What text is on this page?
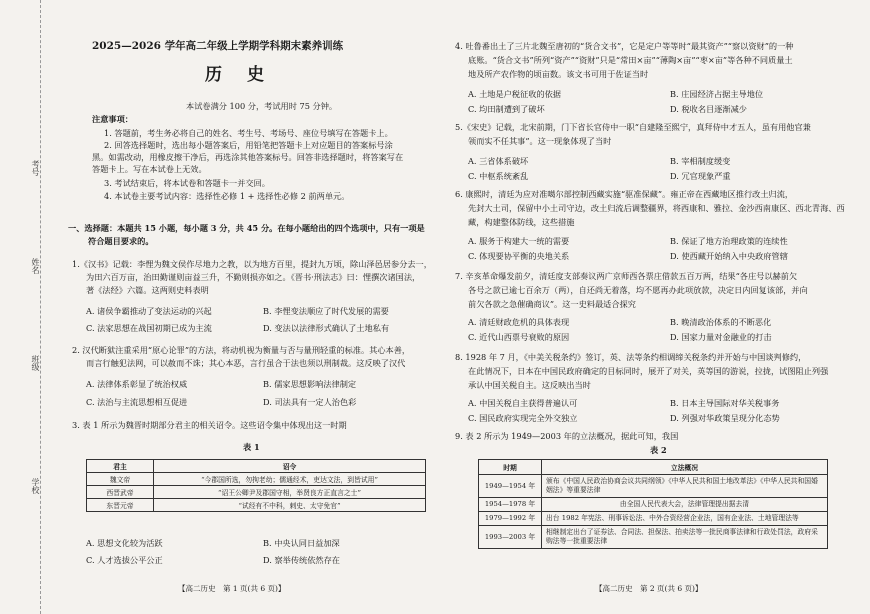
考号
姓名
班级
学校
2025—2026 学年高二年级上学期学科期末素养训练
历　史
本试卷满分 100 分，考试用时 75 分钟。
注意事项：
1. 答题前，考生务必将自己的姓名、考生号、考场号、座位号填写在答题卡上。
2. 回答选择题时，选出每小题答案后，用铅笔把答题卡上对应题目的答案标号涂
黑。如需改动，用橡皮擦干净后，再选涂其他答案标号。回答非选择题时，将答案写在
答题卡上。写在本试卷上无效。
3. 考试结束后，将本试卷和答题卡一并交回。
4. 本试卷主要考试内容：选择性必修 1 + 选择性必修 2 前两单元。
一、选择题：本题共 15 小题，每小题 3 分，共 45 分。在每小题给出的四个选项中，只有一项是
符合题目要求的。
1.《汉书》记载：李悝为魏文侯作尽地力之教，以为地方百里，提封九万顷，除山泽邑居参分去一，
为田六百万亩，治田勤谨则亩益三升，不勤则损亦如之。《晋书·刑法志》曰：悝撰次诸国法，
著《法经》六篇。这两则史料表明
A. 诸侯争霸推动了变法运动的兴起	B. 李悝变法顺应了时代发展的需要
C. 法家思想在战国初期已成为主流	D. 变法以法律形式确认了土地私有
2. 汉代断狱注重采用“原心论罪”的方法，将动机视为衡量与否与量刑轻重的标准。其心本善，
而言行触犯法网，可以赦而不诛；其心本恶，言行虽合于法也须以刑制裁。这反映了汉代
A. 法律体系彰显了统治权威	B. 儒家思想影响法律制定
C. 法治与主流思想相互促进	D. 司法具有一定人治色彩
3. 表 1 所示为魏晋时期部分君主的相关诏令。这些诏令集中体现出这一时期
表 1
君主	诏令
魏文帝	“今郡国所选，勿拘老幼；儒通经术，吏达文法，到皆试用”
西晋武帝	“诏王公卿尹及郡国守相，举贤良方正直言之士”
东晋元帝	“试经有不中科，刺史、太守免官”
A. 思想文化较为活跃	B. 中央认同日益加深
C. 人才选拔公平公正	D. 察举传统依然存在
【高二历史　第 1 页(共 6 页)】
4. 吐鲁番出土了三片北魏至唐初的“货合文书”，它是定户等等时“最其资产”“察以资财”的一种
底账。“货合文书”所列“资产”“资财”只是“常田×亩”“薄陶×亩”“枣×亩”等各种不同质量土
地及所产农作物的顷亩数。该文书可用于佐证当时
A. 土地是户税征收的依据	B. 庄园经济占据主导地位
C. 均田制遭到了破坏	D. 税收名目逐渐减少
5.《宋史》记载，北宋前期，门下省长官侍中一职“自建隆至熙宁，真拜侍中才五人，虽有用他官兼
领而实不任其事”。这一现象体现了当时
A. 三省体系破坏	B. 宰相制度缓变
C. 中枢系统紊乱	D. 冗官现象严重
6. 康熙时，清廷为应对准噶尔部控制西藏实施“驱准保藏”。雍正帝在西藏地区推行改土归流，
先封大土司，保留中小土司守边，改土归流后调整疆界，将西康和、雅拉、金沙西南康区、西北青海、西
藏，构建整体防线，这些措施
A. 服务于构建大一统的需要	B. 保证了地方治理政策的连续性
C. 体现要协平衡的央地关系	D. 使西藏开始纳入中央政府管辖
7. 辛亥革命爆发前夕，清廷度支部奏议两广京师西各票庄借款五百万两，结果“各庄号以赫前欠
各号之款已逾七百余万（两），自还尚无着落，均不愿再办此项放款，决定日内回复该部，并向
前欠各款之急催确商议”。这一史料最适合探究
A. 清廷财政危机的具体表现	B. 晚清政治体系的不断恶化
C. 近代山西票号衰败的原因	D. 国家力量对金融业的打击
8. 1928 年 7 月，《中美关税条约》签订，英、法等条约相调缔关税条约并开始与中国谈判修约，
在此情况下，日本在中国民政府确定的目标同时，展开了对关，英等国的游说，拉拢，试图阻止列强
承认中国关税自主。这反映出当时
A. 中国关税自主获得普遍认可	B. 日本主导国际对华关税事务
C. 国民政府实现完全外交独立	D. 列强对华政策呈现分化态势
9. 表 2 所示为 1949—2003 年的立法概况，据此可知，我国
表 2
时期	立法概况
1949—1954 年	颁布《中国人民政治协商会议共同纲领》《中华人民共和国土地改革法》《中华人民共和国婚姻法》等重要法律
1954—1978 年	由全国人民代表大会，法律管理提出据去清
1979—1992 年	出台 1982 年宪法、刑事诉讼法、中外合资经营企业法，国有企业法、土地管理法等
1993—2003 年	相继制定出台了证券法、合同法、担保法、拍卖法等一批民商事法律和行政处罚法，政府采购法等一批重要法律
【高二历史　第 2 页(共 6 页)】
